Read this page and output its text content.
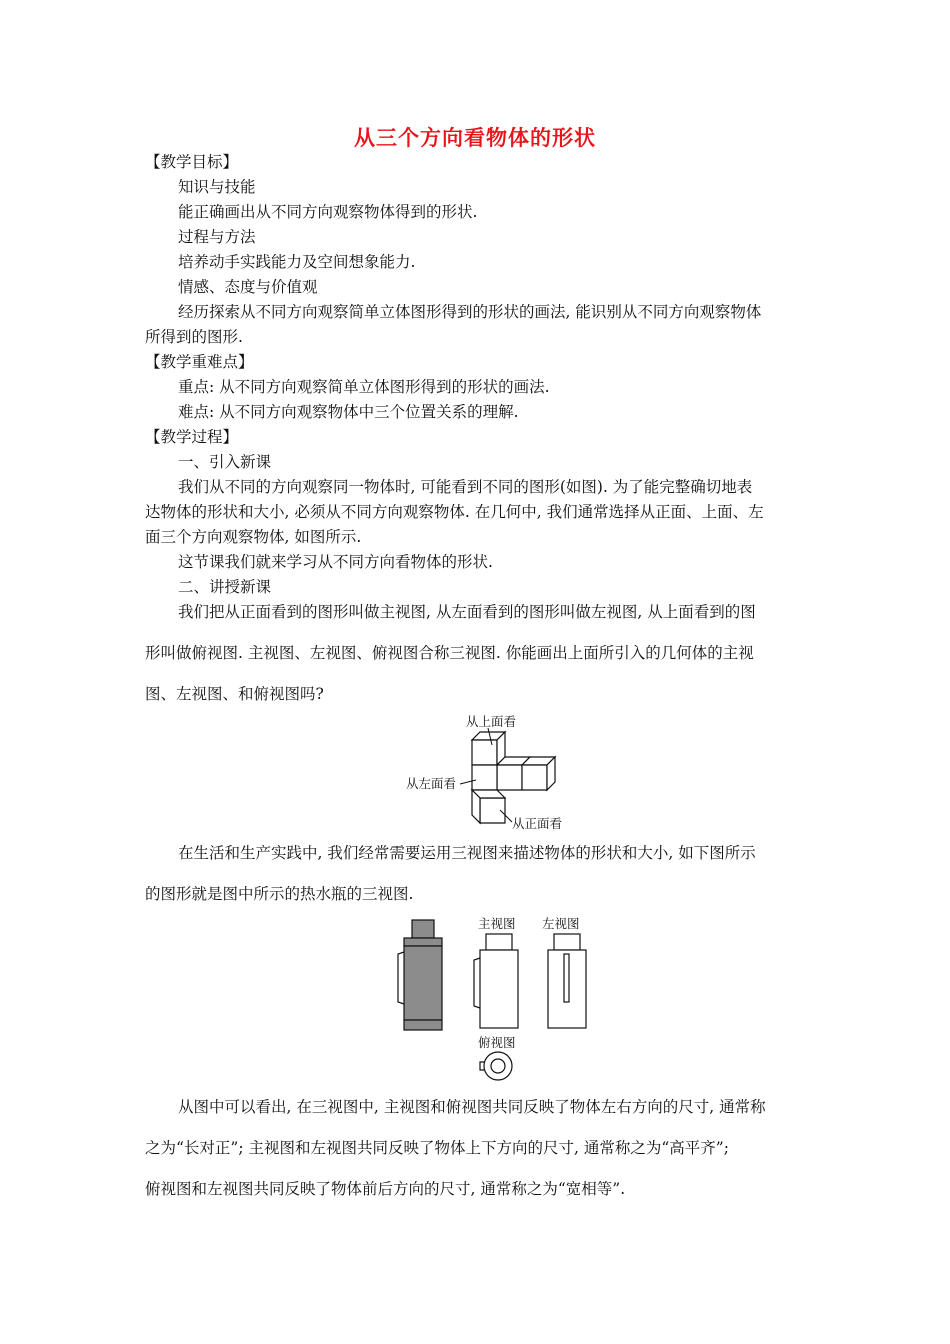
从三个方向看物体的形状
【教学目标】
知识与技能
能正确画出从不同方向观察物体得到的形状.
过程与方法
培养动手实践能力及空间想象能力.
情感、态度与价值观
经历探索从不同方向观察简单立体图形得到的形状的画法, 能识别从不同方向观察物体
所得到的图形.
【教学重难点】
重点: 从不同方向观察简单立体图形得到的形状的画法.
难点: 从不同方向观察物体中三个位置关系的理解.
【教学过程】
一、引入新课
我们从不同的方向观察同一物体时, 可能看到不同的图形(如图). 为了能完整确切地表
达物体的形状和大小, 必须从不同方向观察物体. 在几何中, 我们通常选择从正面、上面、左
面三个方向观察物体, 如图所示.
这节课我们就来学习从不同方向看物体的形状.
二、讲授新课
我们把从正面看到的图形叫做主视图, 从左面看到的图形叫做左视图, 从上面看到的图
形叫做俯视图. 主视图、左视图、俯视图合称三视图. 你能画出上面所引入的几何体的主视
图、左视图、和俯视图吗?
从上面看
从左面看
从正面看
在生活和生产实践中, 我们经常需要运用三视图来描述物体的形状和大小, 如下图所示
的图形就是图中所示的热水瓶的三视图.
主视图 左视图
俯视图
从图中可以看出, 在三视图中, 主视图和俯视图共同反映了物体左右方向的尺寸, 通常称
之为“长对正”; 主视图和左视图共同反映了物体上下方向的尺寸, 通常称之为“高平齐”;
俯视图和左视图共同反映了物体前后方向的尺寸, 通常称之为“宽相等”.
